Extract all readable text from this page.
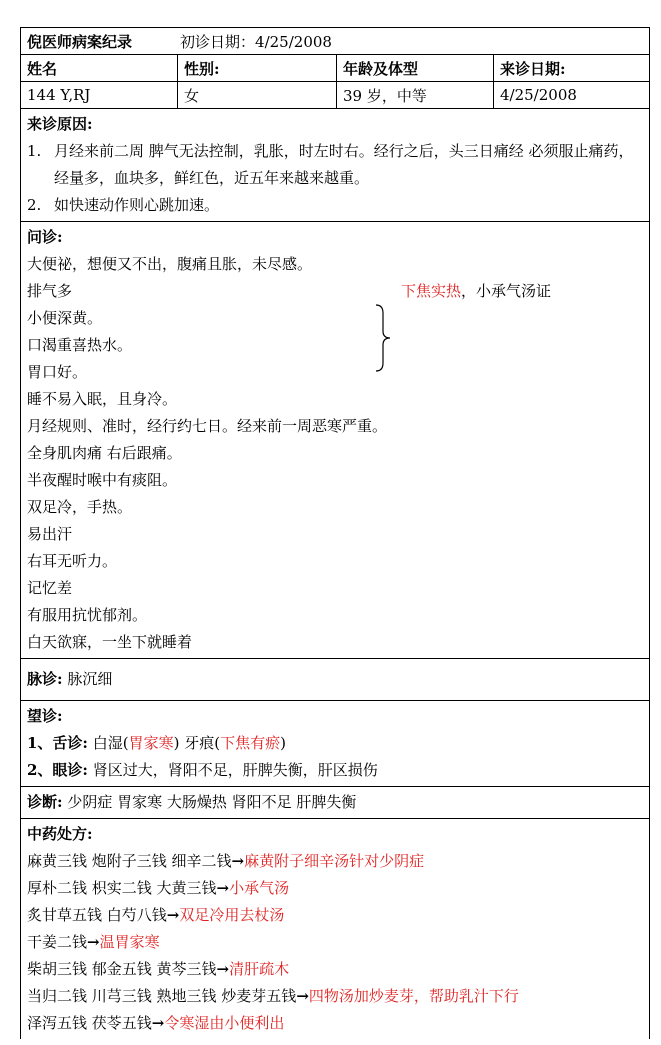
倪医师病案纪录	初诊日期：4/25/2008
姓名	性别:	年龄及体型	来诊日期:
144 Y,RJ	女	39 岁，中等	4/25/2008
来诊原因:
1. 月经来前二周 脾气无法控制，乳胀，时左时右。经行之后，头三日痛经 必须服止痛药，经量多，血块多，鲜红色，近五年来越来越重。
2. 如快速动作则心跳加速。
问诊:
大便祕，想便又不出，腹痛且胀，未尽感。
排气多
小便深黄。
口渴重喜热水。
胃口好。
睡不易入眠，且身冷。
月经规则、准时，经行约七日。经来前一周恶寒严重。
全身肌肉痛 右后跟痛。
半夜醒时喉中有痰阻。
双足冷，手热。
易出汗
右耳无听力。
记忆差
有服用抗忧郁剂。
白天欲寐，一坐下就睡着
下焦实热，小承气汤证
脉诊: 脉沉细
望诊:
1、舌诊: 白湿(胃家寒) 牙痕(下焦有瘀)
2、眼诊: 肾区过大，肾阳不足，肝脾失衡，肝区损伤
诊断: 少阴症 胃家寒 大肠燥热 肾阳不足 肝脾失衡
中药处方:
麻黄三钱 炮附子三钱 细辛二钱→麻黄附子细辛汤针对少阴症
厚朴二钱 枳实二钱 大黄三钱→小承气汤
炙甘草五钱 白芍八钱→双足冷用去杖汤
干姜二钱→温胃家寒
柴胡三钱 郁金五钱 黄芩三钱→清肝疏木
当归二钱 川芎三钱 熟地三钱 炒麦芽五钱→四物汤加炒麦芽，帮助乳汁下行
泽泻五钱 茯苓五钱→令寒湿由小便利出
